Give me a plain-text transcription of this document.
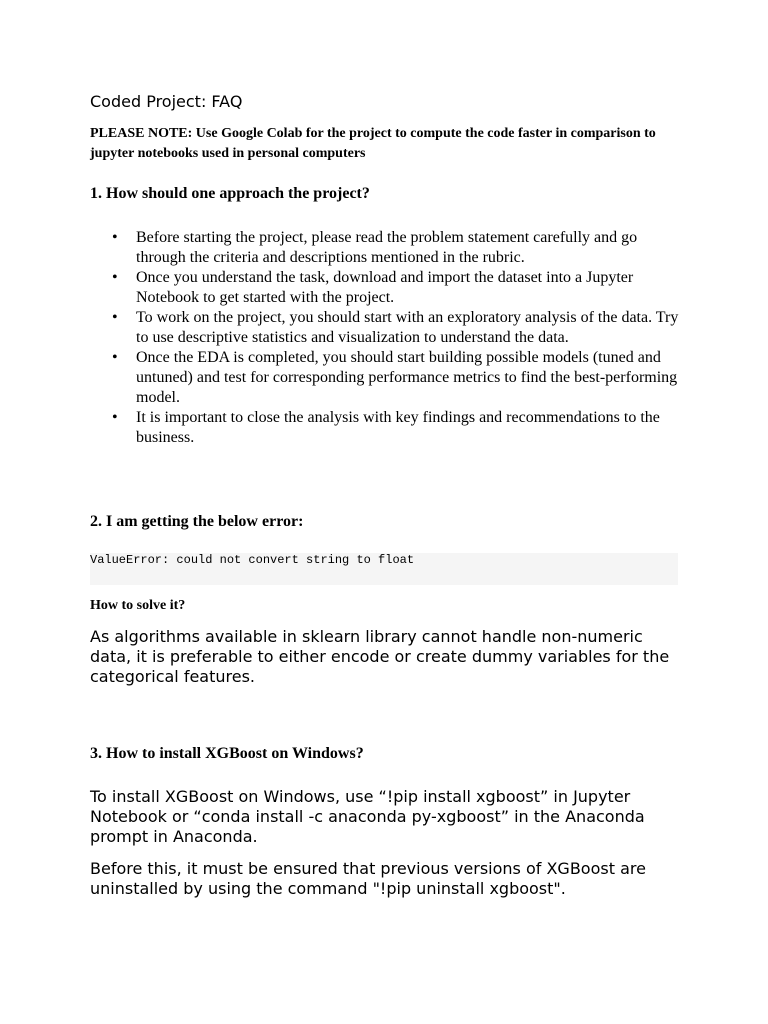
Coded Project: FAQ
PLEASE NOTE: Use Google Colab for the project to compute the code faster in comparison to jupyter notebooks used in personal computers
1. How should one approach the project?
• Before starting the project, please read the problem statement carefully and go through the criteria and descriptions mentioned in the rubric.
• Once you understand the task, download and import the dataset into a Jupyter Notebook to get started with the project.
• To work on the project, you should start with an exploratory analysis of the data. Try to use descriptive statistics and visualization to understand the data.
• Once the EDA is completed, you should start building possible models (tuned and untuned) and test for corresponding performance metrics to find the best-performing model.
• It is important to close the analysis with key findings and recommendations to the business.
2. I am getting the below error:
ValueError: could not convert string to float
How to solve it?
As algorithms available in sklearn library cannot handle non-numeric data, it is preferable to either encode or create dummy variables for the categorical features.
3. How to install XGBoost on Windows?
To install XGBoost on Windows, use “!pip install xgboost” in Jupyter Notebook or “conda install -c anaconda py-xgboost” in the Anaconda prompt in Anaconda.
Before this, it must be ensured that previous versions of XGBoost are uninstalled by using the command "!pip uninstall xgboost".
